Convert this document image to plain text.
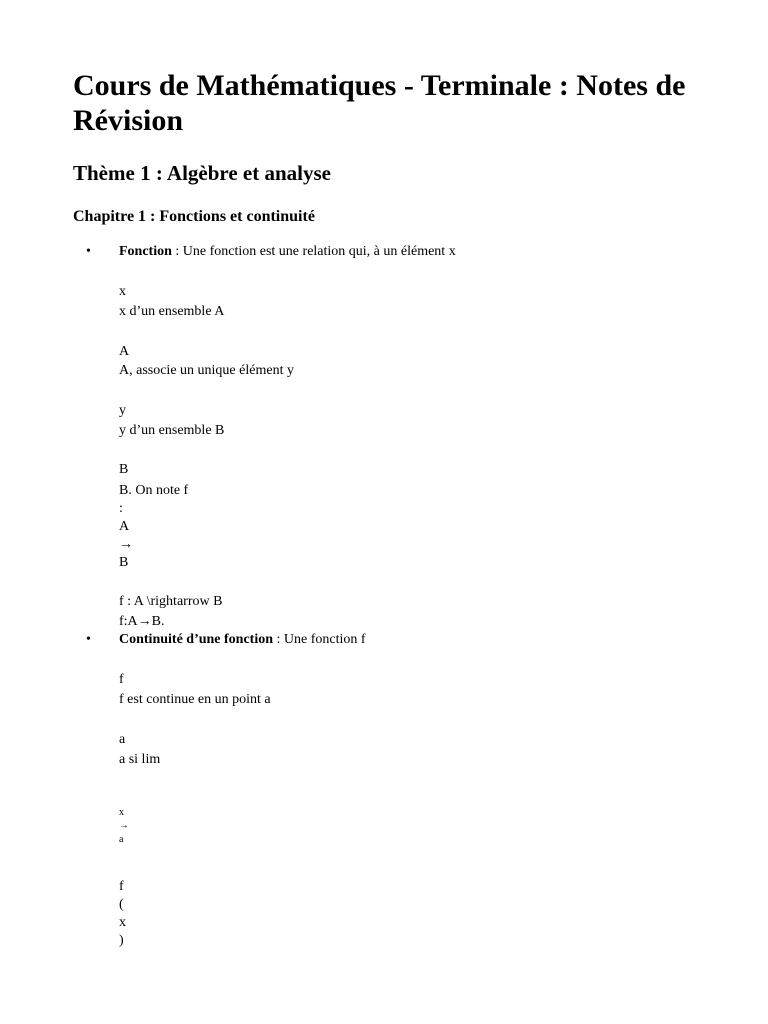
Cours de Mathématiques - Terminale : Notes de Révision
Thème 1 : Algèbre et analyse
Chapitre 1 : Fonctions et continuité
• Fonction : Une fonction est une relation qui, à un élément x
x
x d’un ensemble A
A
A, associe un unique élément y
y
y d’un ensemble B
B
B. On note f
:
A
→
B
f : A \rightarrow B
f:A→B.
• Continuité d’une fonction : Une fonction f
f
f est continue en un point a
a
a si lim
x
→
a
f
(
x
)
